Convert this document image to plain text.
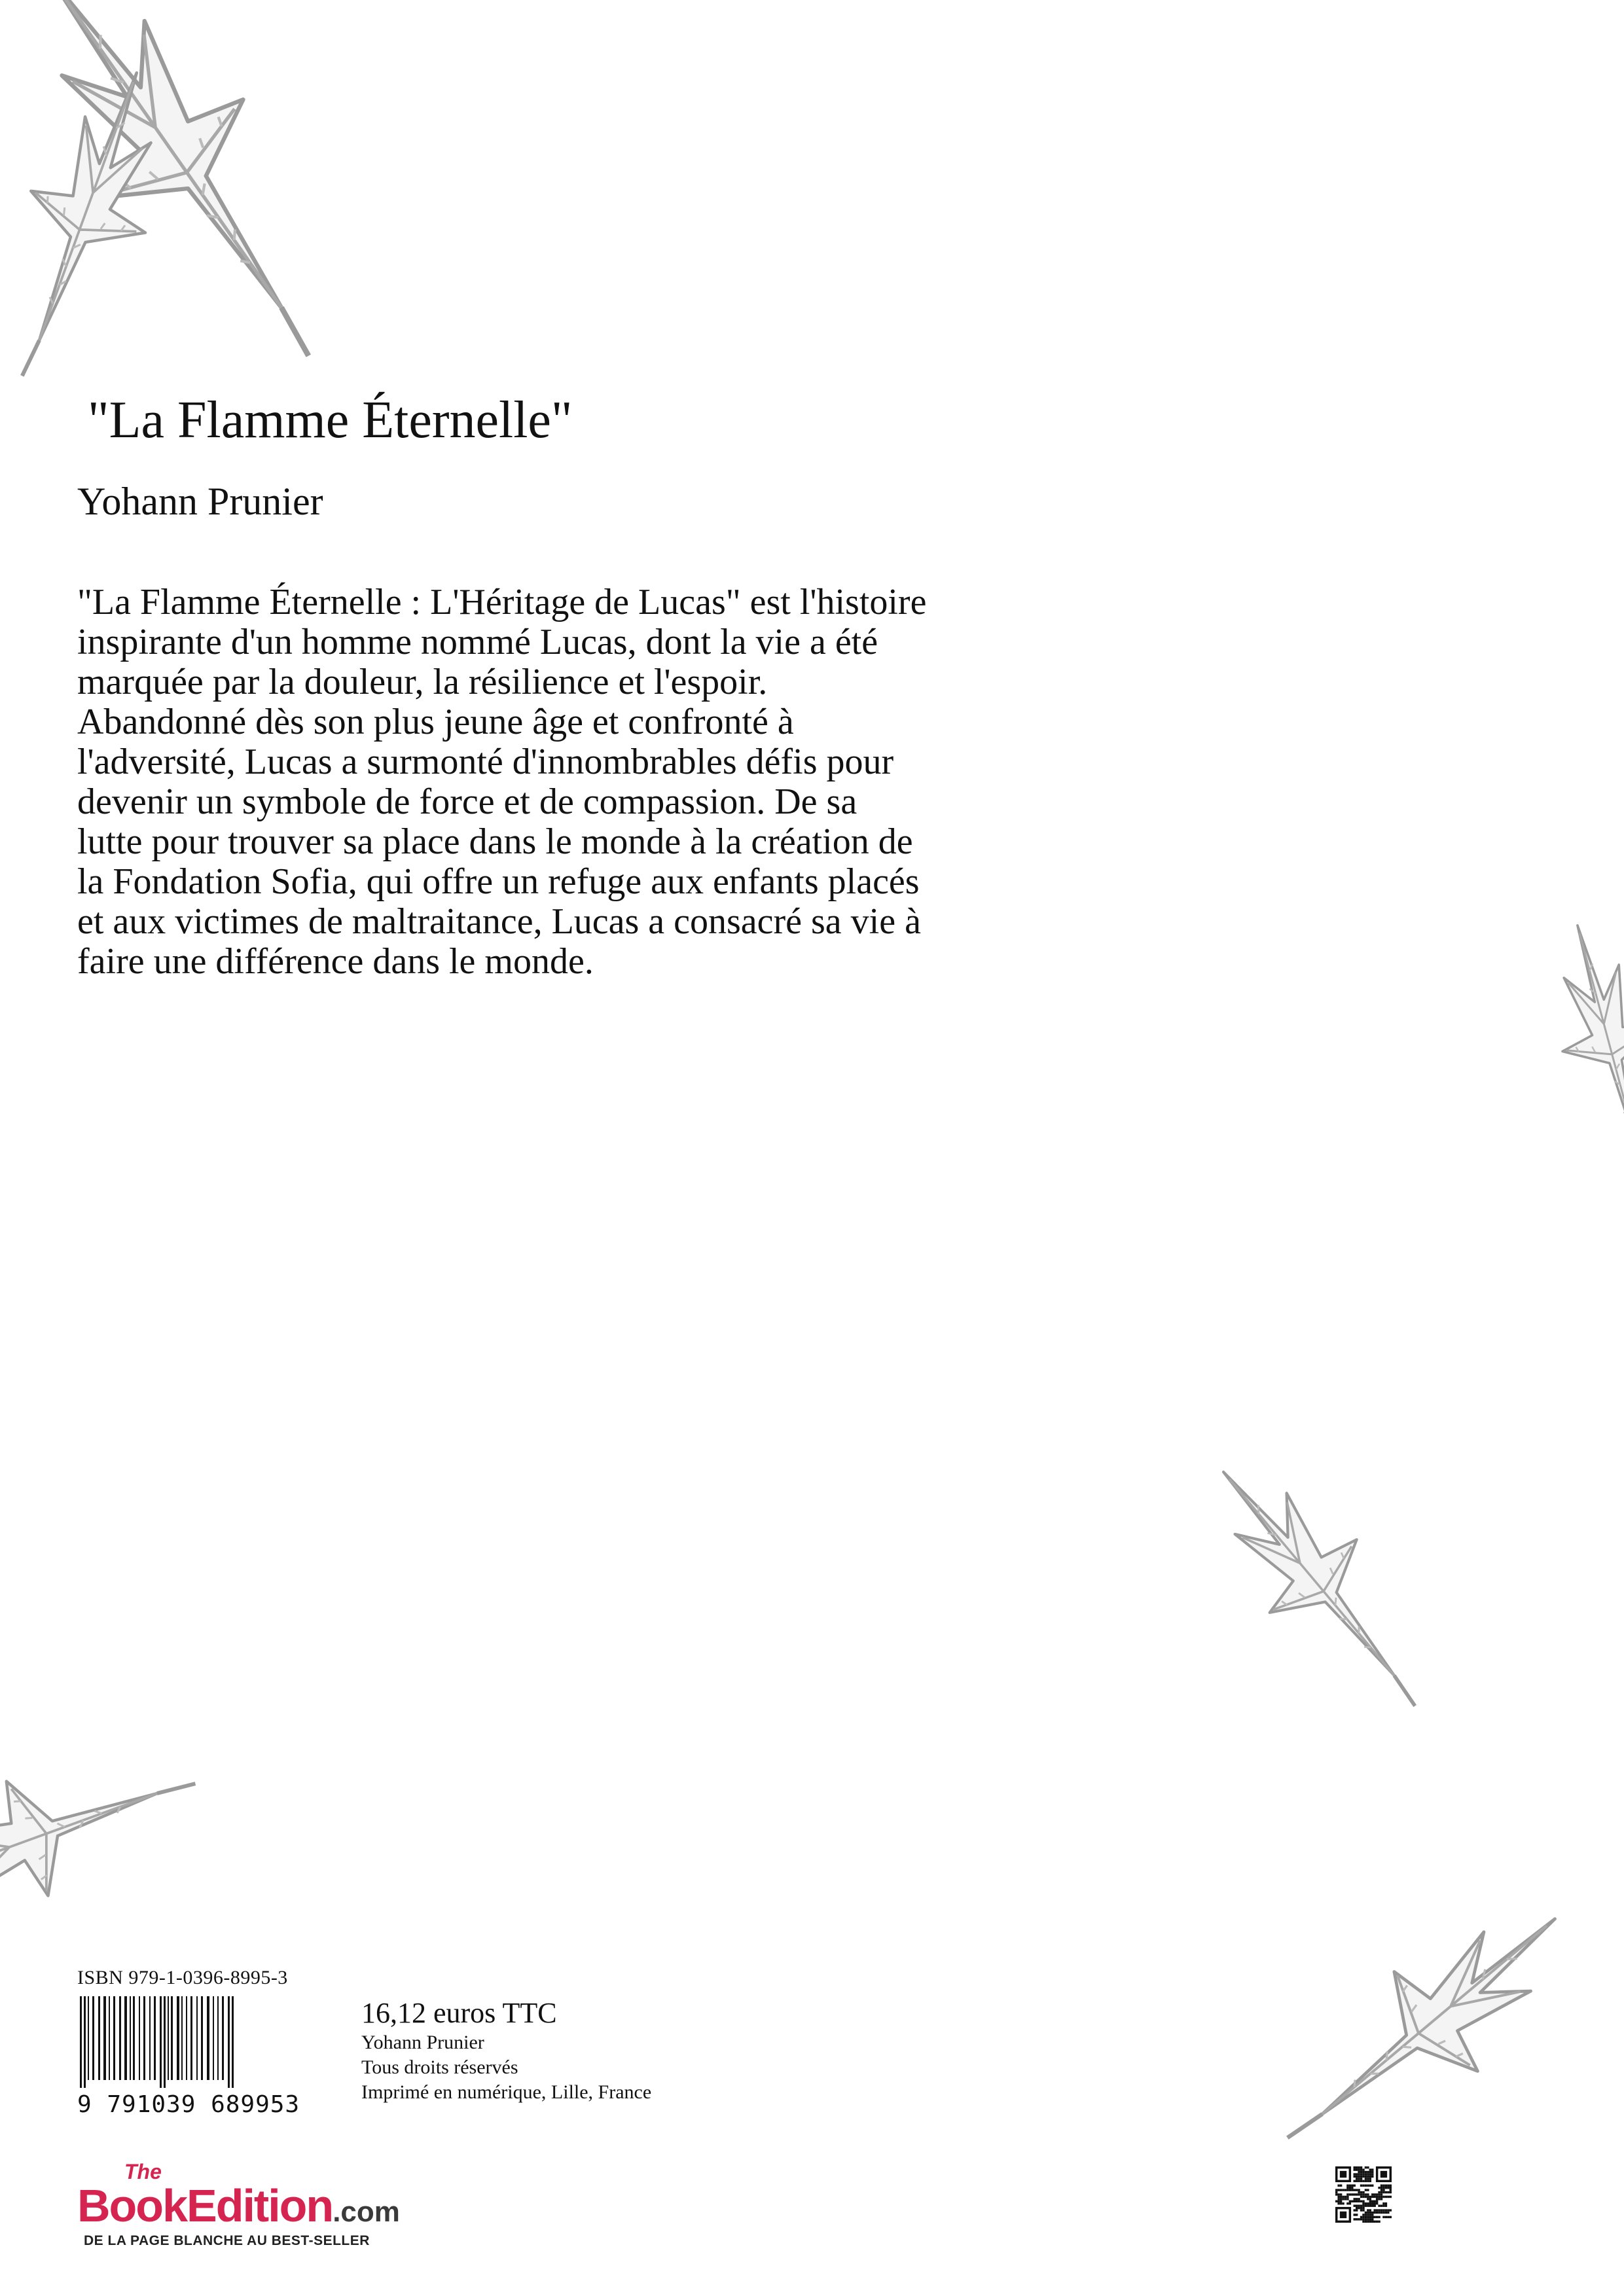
"La Flamme Éternelle"
Yohann Prunier

"La Flamme Éternelle : L'Héritage de Lucas" est l'histoire

inspirante d'un homme nommé Lucas, dont la vie a été

marquée par la douleur, la résilience et l'espoir.

Abandonné dès son plus jeune âge et confronté à

l'adversité, Lucas a surmonté d'innombrables défis pour

devenir un symbole de force et de compassion. De sa

lutte pour trouver sa place dans le monde à la création de

la Fondation Sofia, qui offre un refuge aux enfants placés

et aux victimes de maltraitance, Lucas a consacré sa vie à

faire une différence dans le monde.

ISBN 979-1-0396-8995-3
9 791039 689953
16,12 euros TTC
Yohann Prunier
Tous droits réservés
Imprimé en numérique, Lille, France
The
BookEdition.com
DE LA PAGE BLANCHE AU BEST-SELLER
